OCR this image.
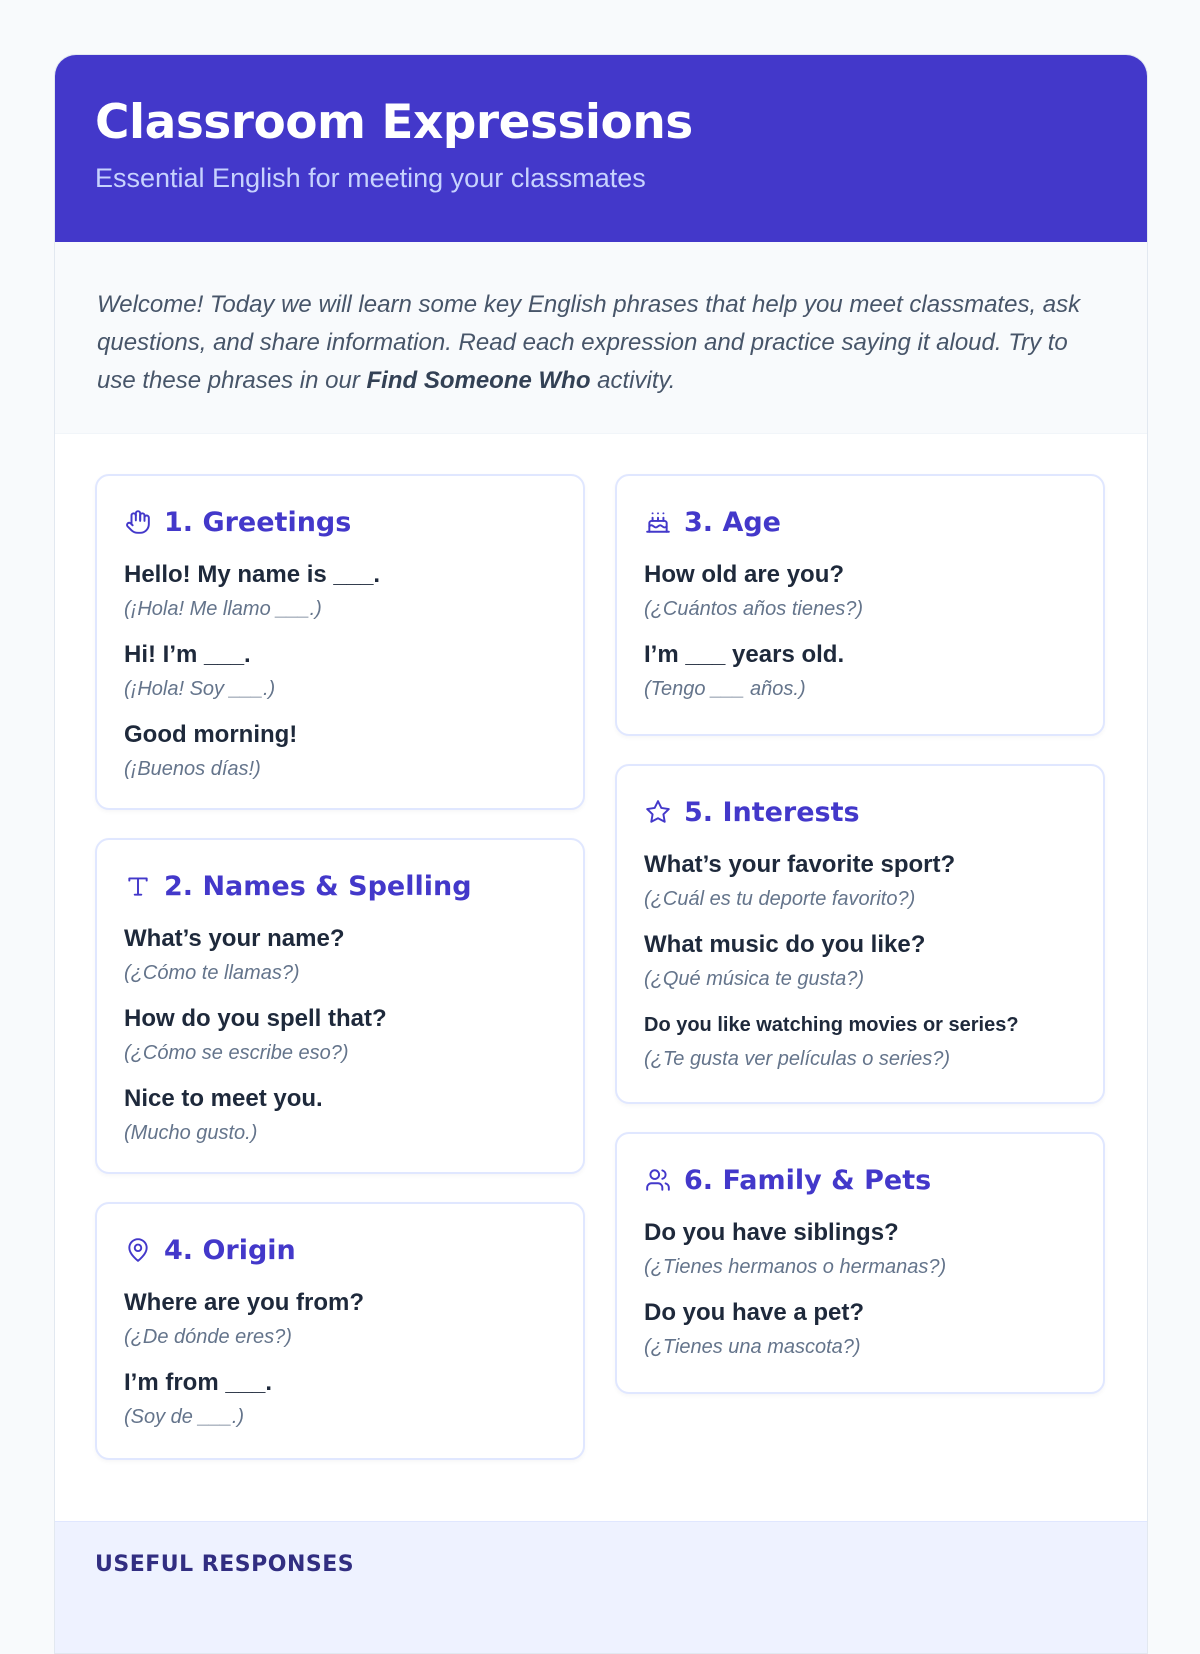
Classroom Expressions
Essential English for meeting your classmates

Welcome! Today we will learn some key English phrases that help you meet classmates, ask questions, and share information. Read each expression and practice saying it aloud. Try to use these phrases in our Find Someone Who activity.

1. Greetings
Hello! My name is ___.
(¡Hola! Me llamo ___.)
Hi! I’m ___.
(¡Hola! Soy ___.)
Good morning!
(¡Buenos días!)
2. Names & Spelling
What’s your name?
(¿Cómo te llamas?)
How do you spell that?
(¿Cómo se escribe eso?)
Nice to meet you.
(Mucho gusto.)
4. Origin
Where are you from?
(¿De dónde eres?)
I’m from ___.
(Soy de ___.)
3. Age
How old are you?
(¿Cuántos años tienes?)
I’m ___ years old.
(Tengo ___ años.)
5. Interests
What’s your favorite sport?
(¿Cuál es tu deporte favorito?)
What music do you like?
(¿Qué música te gusta?)
Do you like watching movies or series?
(¿Te gusta ver películas o series?)
6. Family & Pets
Do you have siblings?
(¿Tienes hermanos o hermanas?)
Do you have a pet?
(¿Tienes una mascota?)
USEFUL RESPONSES
